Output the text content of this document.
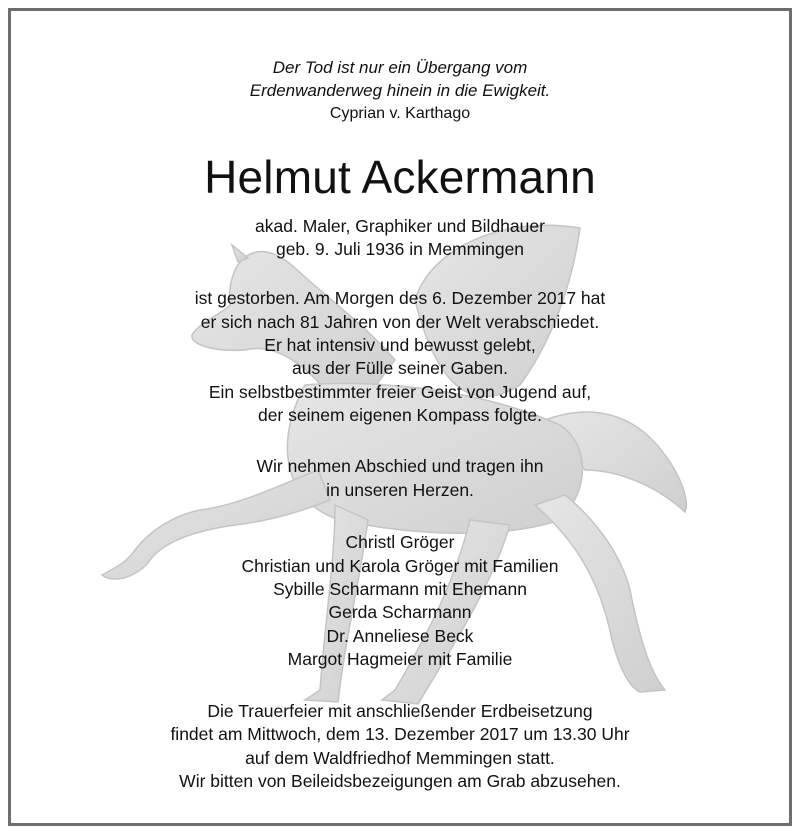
Der Tod ist nur ein Übergang vom
Erdenwanderweg hinein in die Ewigkeit.
Cyprian v. Karthago
Helmut Ackermann
akad. Maler, Graphiker und Bildhauer
geb. 9. Juli 1936 in Memmingen
ist gestorben. Am Morgen des 6. Dezember 2017 hat
er sich nach 81 Jahren von der Welt verabschiedet.
Er hat intensiv und bewusst gelebt,
aus der Fülle seiner Gaben.
Ein selbstbestimmter freier Geist von Jugend auf,
der seinem eigenen Kompass folgte.
Wir nehmen Abschied und tragen ihn
in unseren Herzen.
Christl Gröger
Christian und Karola Gröger mit Familien
Sybille Scharmann mit Ehemann
Gerda Scharmann
Dr. Anneliese Beck
Margot Hagmeier mit Familie
Die Trauerfeier mit anschließender Erdbeisetzung
findet am Mittwoch, dem 13. Dezember 2017 um 13.30 Uhr
auf dem Waldfriedhof Memmingen statt.
Wir bitten von Beileidsbezeigungen am Grab abzusehen.
